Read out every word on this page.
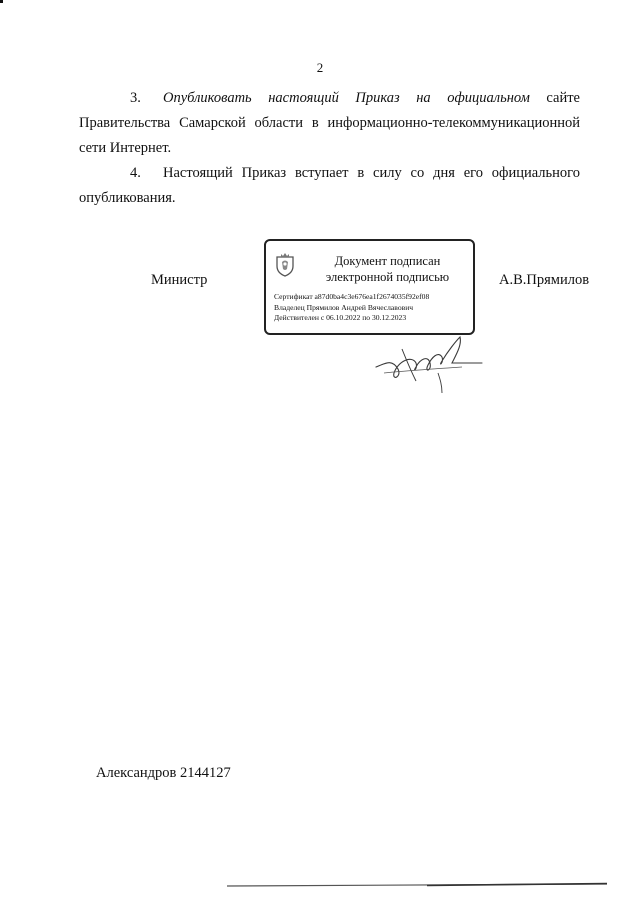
2
3. Опубликовать настоящий Приказ на официальном сайте
Правительства Самарской области в информационно-телекоммуникационной сети Интернет.
4. Настоящий Приказ вступает в силу со дня его официального опубликования.
Министр	А.В.Прямилов
Документ подписан
электронной подписью
Сертификат a87d0ba4c3e676ea1f2674035f92ef08
Владелец Прямилов Андрей Вячеславович
Действителен с 06.10.2022 по 30.12.2023
Александров 2144127
